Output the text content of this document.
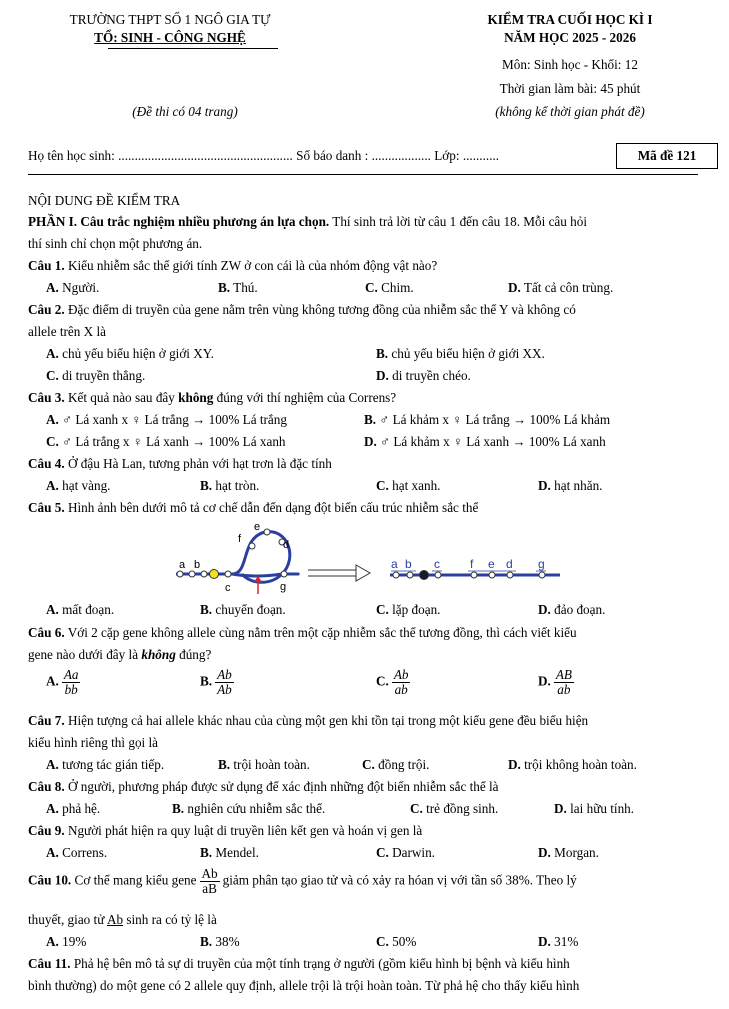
TRƯỜNG THPT SỐ 1 NGÔ GIA TỰ
TỔ: SINH - CÔNG NGHỆ
(Đề thi có 04 trang)
KIỂM TRA CUỐI HỌC KÌ I
NĂM HỌC 2025 - 2026
Môn: Sinh học - Khối: 12
Thời gian làm bài: 45 phút
(không kể thời gian phát đề)
Họ tên học sinh: ..................................................... Số báo danh : .................. Lớp: ...........	Mã đề 121
NỘI DUNG ĐỀ KIỂM TRA
PHẦN I. Câu trắc nghiệm nhiều phương án lựa chọn. Thí sinh trả lời từ câu 1 đến câu 18. Mỗi câu hỏi
thí sinh chỉ chọn một phương án.
Câu 1. Kiểu nhiễm sắc thể giới tính ZW ở con cái là của nhóm động vật nào?
A. Người.	B. Thú.	C. Chim.	D. Tất cả côn trùng.
Câu 2. Đặc điểm di truyền của gene nằm trên vùng không tương đồng của nhiễm sắc thể Y và không có
allele trên X là
A. chủ yếu biểu hiện ở giới XY.	B. chủ yếu biểu hiện ở giới XX.
C. di truyền thẳng.	D. di truyền chéo.
Câu 3. Kết quả nào sau đây không đúng với thí nghiệm của Correns?
A. ♂ Lá xanh x ♀ Lá trắng → 100% Lá trắng	B. ♂ Lá khảm x ♀ Lá trắng → 100% Lá khảm
C. ♂ Lá trắng x ♀ Lá xanh → 100% Lá xanh	D. ♂ Lá khảm x ♀ Lá xanh → 100% Lá xanh
Câu 4. Ở đậu Hà Lan, tương phản với hạt trơn là đặc tính
A. hạt vàng.	B. hạt tròn.	C. hạt xanh.	D. hạt nhăn.
Câu 5. Hình ảnh bên dưới mô tả cơ chế dẫn đến dạng đột biến cấu trúc nhiễm sắc thể
a b
c
d
e
f
g
a b c	f e d g
A. mất đoạn.	B. chuyển đoạn.	C. lặp đoạn.	D. đảo đoạn.
Câu 6. Với 2 cặp gene không allele cùng nằm trên một cặp nhiễm sắc thể tương đồng, thì cách viết kiểu
gene nào dưới đây là không đúng?
A. $\frac{Aa}{bb}$	B. $\frac{Ab}{Ab}$	C. $\frac{Ab}{ab}$	D. $\frac{AB}{ab}$
Câu 7. Hiện tượng cả hai allele khác nhau của cùng một gen khi tồn tại trong một kiểu gene đều biểu hiện
kiểu hình riêng thì gọi là
A. tương tác gián tiếp.	B. trội hoàn toàn.	C. đồng trội.	D. trội không hoàn toàn.
Câu 8. Ở người, phương pháp được sử dụng để xác định những đột biến nhiễm sắc thể là
A. phả hệ.	B. nghiên cứu nhiễm sắc thể.	C. trẻ đồng sinh.	D. lai hữu tính.
Câu 9. Người phát hiện ra quy luật di truyền liên kết gen và hoán vị gen là
A. Correns.	B. Mendel.	C. Darwin.	D. Morgan.
Câu 10. Cơ thể mang kiểu gene $\frac{Ab}{aB}$ giảm phân tạo giao tử và có xảy ra hóan vị với tần số 38%. Theo lý
thuyết, giao tử Ab sinh ra có tỷ lệ là
A. 19%	B. 38%	C. 50%	D. 31%
Câu 11. Phả hệ bên mô tả sự di truyền của một tính trạng ở người (gồm kiểu hình bị bệnh và kiểu hình
bình thường) do một gene có 2 allele quy định, allele trội là trội hoàn toàn. Từ phả hệ cho thấy kiểu hình
